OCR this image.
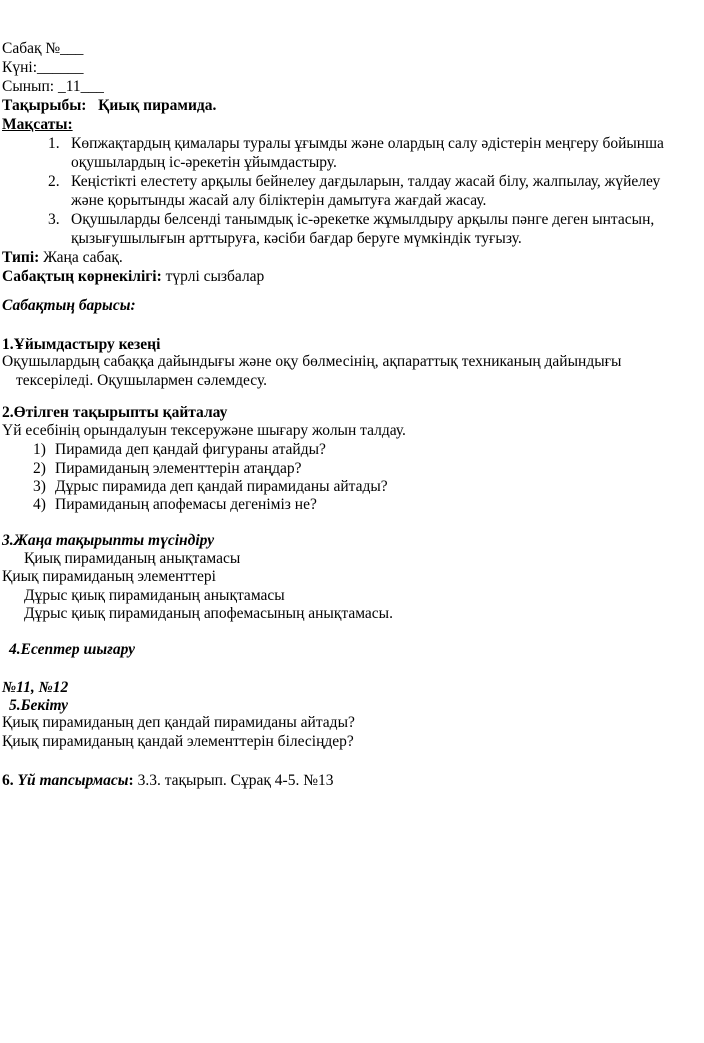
Сабақ №___
Күні:______
Сынып: _11___
Тақырыбы: Қиық пирамида.
Мақсаты:
1. Көпжақтардың қималары туралы ұғымды және олардың салу әдістерін меңгеру бойынша
оқушылардың іс-әрекетін ұйымдастыру.
2. Кеңістікті елестету арқылы бейнелеу дағдыларын, талдау жасай білу, жалпылау, жүйелеу
және қорытынды жасай алу біліктерін дамытуға жағдай жасау.
3. Оқушыларды белсенді танымдық іс-әрекетке жұмылдыру арқылы пәнге деген ынтасын,
қызығушылығын арттыруға, кәсіби бағдар беруге мүмкіндік туғызу.
Типі: Жаңа сабақ.
Сабақтың көрнекілігі: түрлі сызбалар
Сабақтың барысы:
1.Ұйымдастыру кезеңі
Оқушылардың сабаққа дайындығы және оқу бөлмесінің, ақпараттық техниканың дайындығы
тексеріледі. Оқушылармен сәлемдесу.
2.Өтілген тақырыпты қайталау
Үй есебінің орындалуын тексеружәне шығару жолын талдау.
1) Пирамида деп қандай фигураны атайды?
2) Пирамиданың элементтерін атаңдар?
3) Дұрыс пирамида деп қандай пирамиданы айтады?
4) Пирамиданың апофемасы дегеніміз не?
3.Жаңа тақырыпты түсіндіру
Қиық пирамиданың анықтамасы
Қиық пирамиданың элементтері
Дұрыс қиық пирамиданың анықтамасы
Дұрыс қиық пирамиданың апофемасының анықтамасы.
4.Есептер шығару
№11, №12
5.Бекіту
Қиық пирамиданың деп қандай пирамиданы айтады?
Қиық пирамиданың қандай элементтерін білесіңдер?
6. Үй тапсырмасы: 3.3. тақырып. Сұрақ 4-5. №13
